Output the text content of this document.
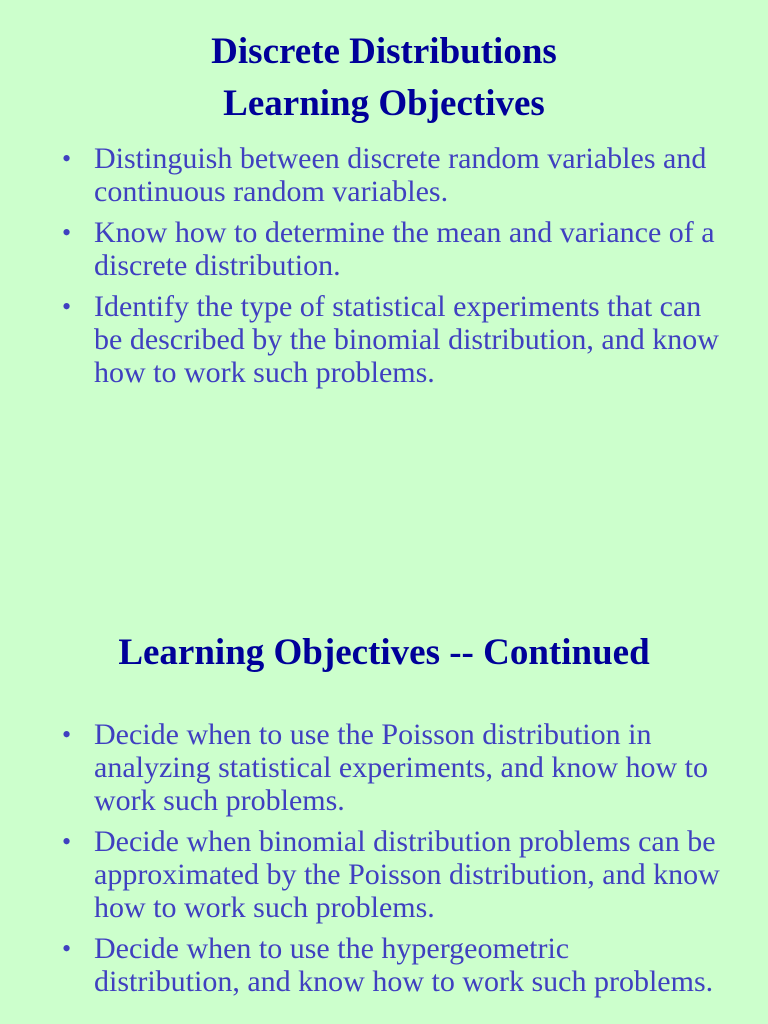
Discrete Distributions
Learning Objectives
• Distinguish between discrete random variables and continuous random variables.
• Know how to determine the mean and variance of a discrete distribution.
• Identify the type of statistical experiments that can be described by the binomial distribution, and know how to work such problems.
Learning Objectives -- Continued
• Decide when to use the Poisson distribution in analyzing statistical experiments, and know how to work such problems.
• Decide when binomial distribution problems can be approximated by the Poisson distribution, and know how to work such problems.
• Decide when to use the hypergeometric distribution, and know how to work such problems.
